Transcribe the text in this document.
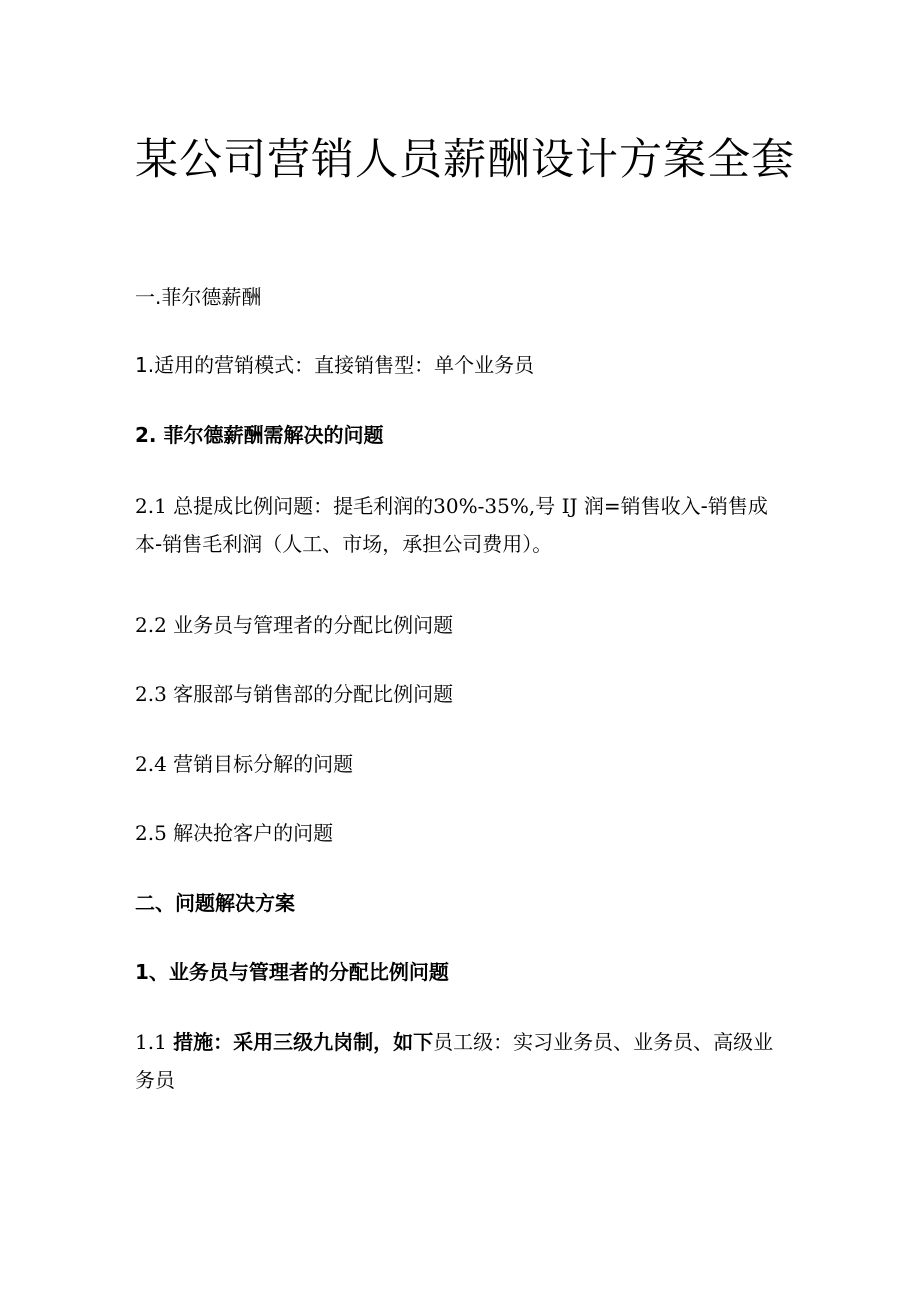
某公司营销人员薪酬设计方案全套

一.菲尔德薪酬

1.适用的营销模式：直接销售型：单个业务员

2. 菲尔德薪酬需解决的问题

2.1 总提成比例问题：提毛利润的30%-35%,号 IJ 润=销售收入-销售成本-销售毛利润（人工、市场，承担公司费用）。

2.2 业务员与管理者的分配比例问题

2.3 客服部与销售部的分配比例问题

2.4 营销目标分解的问题

2.5 解决抢客户的问题

二、问题解决方案

1、业务员与管理者的分配比例问题

1.1 措施：采用三级九岗制，如下员工级：实习业务员、业务员、高级业务员
